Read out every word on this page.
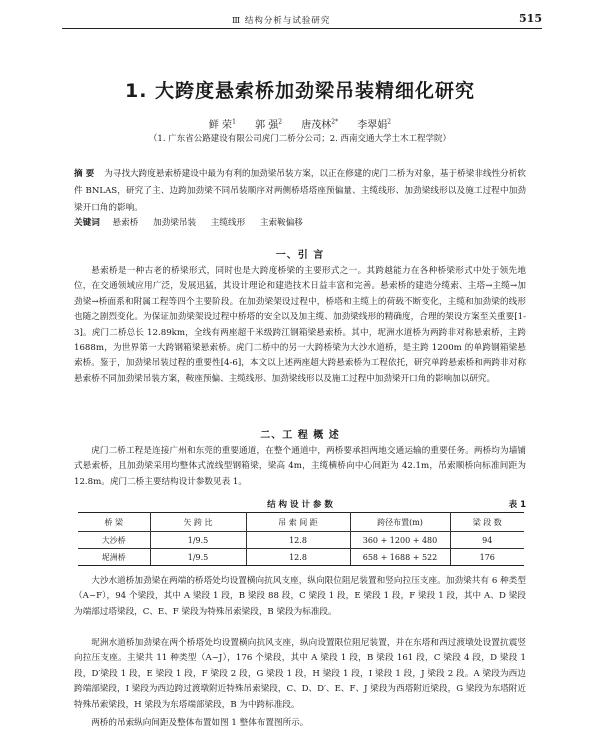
Ⅲ 结构分析与试验研究	515
1. 大跨度悬索桥加劲梁吊装精细化研究
鲜 荣$^1$ 郭 强$^2$ 唐茂林$^{2*}$ 李翠娟$^2$
（1. 广东省公路建设有限公司虎门二桥分公司；2. 西南交通大学土木工程学院）
摘 要 为寻找大跨度悬索桥建设中最为有利的加劲梁吊装方案，以正在修建的虎门二桥为对象，基于桥梁非线性分析软件 BNLAS，研究了主、边跨加劲梁不同吊装顺序对两侧桥塔塔座预偏量、主缆线形、加劲梁线形以及施工过程中加劲梁开口角的影响。
关键词 悬索桥 加劲梁吊装 主缆线形 主索鞍偏移
一、引 言

悬索桥是一种古老的桥梁形式，同时也是大跨度桥梁的主要形式之一。其跨越能力在各种桥梁形式中处于领先地位，在交通领域应用广泛，发展迅猛，其设计理论和建造技术日益丰富和完善。悬索桥的建造分缆索、主塔→主缆→加劲梁→桥面系和附属工程等四个主要阶段。在加劲梁架设过程中，桥塔和主缆上的荷载不断变化，主缆和加劲梁的线形也随之剧烈变化。为保证加劲梁架设过程中桥塔的安全以及加主缆、加劲梁线形的精确度，合理的架设方案至关重要[1-3]。虎门二桥总长 12.89km，全线有两座超千米级跨江钢箱梁悬索桥。其中，坭洲水道桥为两跨非对称悬索桥，主跨 1688m，为世界第一大跨钢箱梁悬索桥。虎门二桥中的另一大跨桥梁为大沙水道桥，是主跨 1200m 的单跨钢箱梁悬索桥。鉴于，加劲梁吊装过程的重要性[4-6]，本文以上述两座超大跨悬索桥为工程依托，研究单跨悬索桥和两跨非对称悬索桥不同加劲梁吊装方案，鞍座预偏、主缆线形、加劲梁线形以及施工过程中加劲梁开口角的影响加以研究。

二、工 程 概 述

虎门二桥工程是连接广州和东莞的重要通道，在整个通道中，两桥要承担两地交通运输的重要任务。两桥均为墙铺式悬索桥，且加劲梁采用均整体式流线型钢箱梁，梁高 4m，主缆横桥向中心间距为 42.1m，吊索顺桥向标准间距为 12.8m。虎门二桥主要结构设计参数见表 1。

结 构 设 计 参 数	表 1
桥 梁	矢 跨 比	吊 索 间 距	跨径布置(m)	梁 段 数
大沙桥	1/9.5	12.8	360 + 1200 + 480	94
坭洲桥	1/9.5	12.8	658 + 1688 + 522	176

大沙水道桥加劲梁在两端的桥塔处均设置横向抗风支座，纵向限位阻尼装置和竖向拉压支座。加劲梁共有 6 种类型（A~F），94 个梁段，其中 A 梁段 1 段，B 梁段 88 段，C 梁段 1 段，E 梁段 1 段，F 梁段 1 段，其中 A、D 梁段为端部过塔梁段，C、E、F 梁段为特殊吊索梁段，B 梁段为标准段。

坭洲水道桥加劲梁在两个桥塔处均设置横向抗风支座，纵向设置限位阻尼装置，并在东塔和西过渡墩处设置抗震竖向拉压支座。主梁共 11 种类型（A~J），176 个梁段，其中 A 梁段 1 段，B 梁段 161 段，C 梁段 4 段，D 梁段 1 段，D′梁段 1 段，E 梁段 1 段，F 梁段 2 段，G 梁段 1 段，H 梁段 1 段，I 梁段 1 段，J 梁段 2 段。A 梁段为西边跨端部梁段，I 梁段为西边跨过渡墩附近特殊吊索梁段，C、D、D′、E、F、J 梁段为西塔附近梁段，G 梁段为东塔附近特殊吊索梁段，H 梁段为东塔端部梁段，B 为中跨标准段。

两桥的吊索纵向间距及整体布置如图 1 整体布置图所示。
